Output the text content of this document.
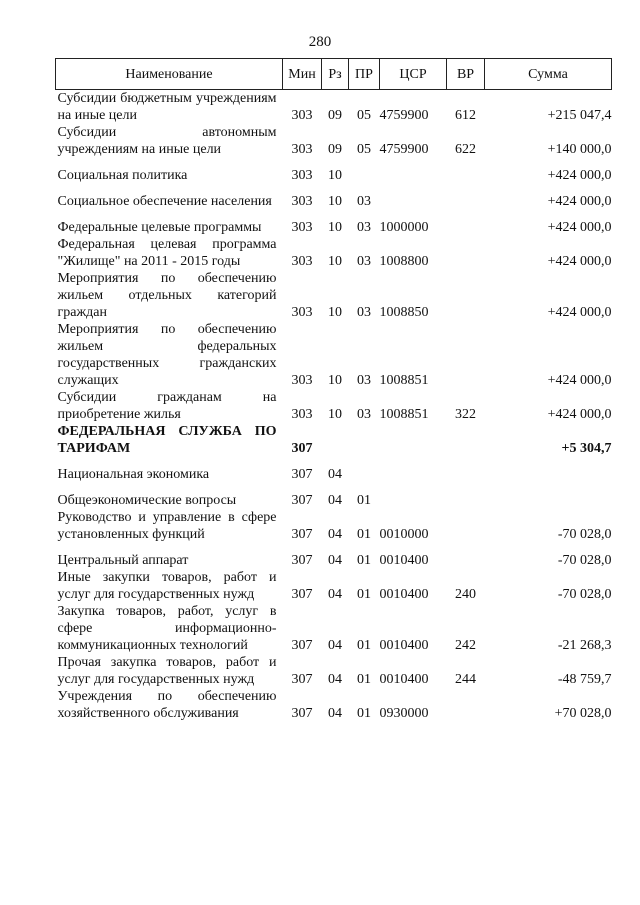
280
Наименование	Мин	Рз	ПР	ЦСР	ВР	Сумма
Субсидии бюджетным учреждениям на иные цели	303	09	05	4759900	612	+215 047,4
Субсидии автономным учреждениям на иные цели	303	09	05	4759900	622	+140 000,0
Социальная политика	303	10				+424 000,0
Социальное обеспечение населения	303	10	03			+424 000,0
Федеральные целевые программы	303	10	03	1000000		+424 000,0
Федеральная целевая программа "Жилище" на 2011 - 2015 годы	303	10	03	1008800		+424 000,0
Мероприятия по обеспечению жильем отдельных категорий граждан	303	10	03	1008850		+424 000,0
Мероприятия по обеспечению жильем федеральных государственных гражданских служащих	303	10	03	1008851		+424 000,0
Субсидии гражданам на приобретение жилья	303	10	03	1008851	322	+424 000,0
ФЕДЕРАЛЬНАЯ СЛУЖБА ПО ТАРИФАМ	307					+5 304,7
Национальная экономика	307	04				
Общеэкономические вопросы	307	04	01			
Руководство и управление в сфере установленных функций	307	04	01	0010000		-70 028,0
Центральный аппарат	307	04	01	0010400		-70 028,0
Иные закупки товаров, работ и услуг для государственных нужд	307	04	01	0010400	240	-70 028,0
Закупка товаров, работ, услуг в сфере информационно-коммуникационных технологий	307	04	01	0010400	242	-21 268,3
Прочая закупка товаров, работ и услуг для государственных нужд	307	04	01	0010400	244	-48 759,7
Учреждения по обеспечению хозяйственного обслуживания	307	04	01	0930000		+70 028,0
